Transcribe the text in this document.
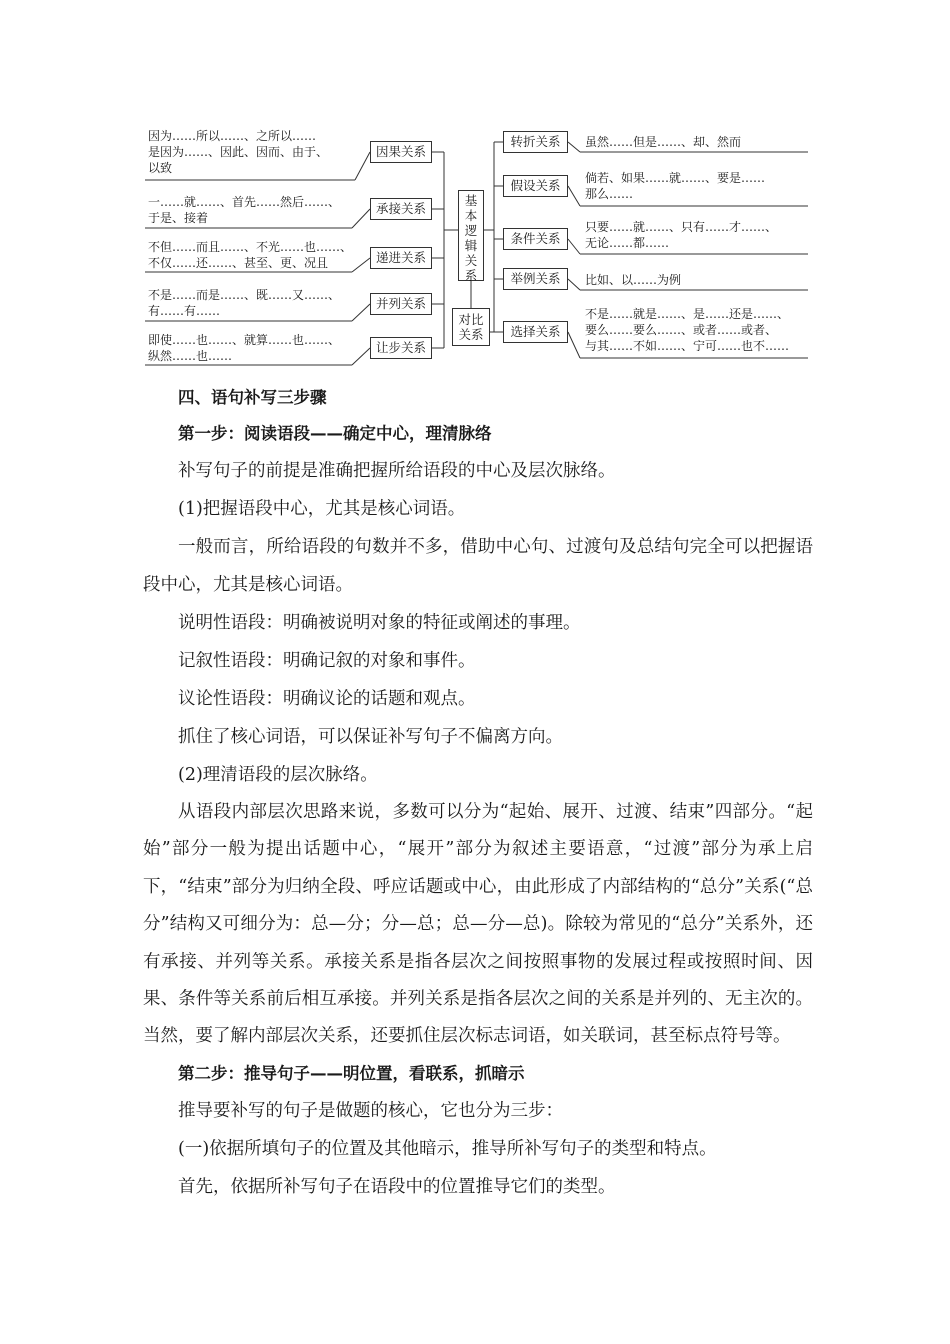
因为……所以……、之所以……
是因为……、因此、因而、由于、
以致
一……就……、首先……然后……、
于是、接着
不但……而且……、不光……也……、
不仅……还……、甚至、更、况且
不是……而是……、既……又……、
有……有……
即使……也……、就算……也……、
纵然……也……
因果关系
承接关系
递进关系
并列关系
让步关系
基
本
逻
辑
关
系
对比
关系
转折关系
假设关系
条件关系
举例关系
选择关系
虽然……但是……、却、然而
倘若、如果……就……、要是……
那么……
只要……就……、只有……才……、
无论……都……
比如、以……为例
不是……就是……、是……还是……、
要么……要么……、或者……或者、
与其……不如……、宁可……也不……

四、语句补写三步骤

第一步：阅读语段——确定中心，理清脉络

补写句子的前提是准确把握所给语段的中心及层次脉络。

(1)把握语段中心，尤其是核心词语。

一般而言，所给语段的句数并不多，借助中心句、过渡句及总结句完全可以把握语段中心，尤其是核心词语。

说明性语段：明确被说明对象的特征或阐述的事理。

记叙性语段：明确记叙的对象和事件。

议论性语段：明确议论的话题和观点。

抓住了核心词语，可以保证补写句子不偏离方向。

(2)理清语段的层次脉络。

从语段内部层次思路来说，多数可以分为“起始、展开、过渡、结束”四部分。“起始”部分一般为提出话题中心，“展开”部分为叙述主要语意，“过渡”部分为承上启下，“结束”部分为归纳全段、呼应话题或中心，由此形成了内部结构的“总分”关系(“总分”结构又可细分为：总—分；分—总；总—分—总)。除较为常见的“总分”关系外，还有承接、并列等关系。承接关系是指各层次之间按照事物的发展过程或按照时间、因果、条件等关系前后相互承接。并列关系是指各层次之间的关系是并列的、无主次的。当然，要了解内部层次关系，还要抓住层次标志词语，如关联词，甚至标点符号等。

第二步：推导句子——明位置，看联系，抓暗示

推导要补写的句子是做题的核心，它也分为三步：

(一)依据所填句子的位置及其他暗示，推导所补写句子的类型和特点。

首先，依据所补写句子在语段中的位置推导它们的类型。
